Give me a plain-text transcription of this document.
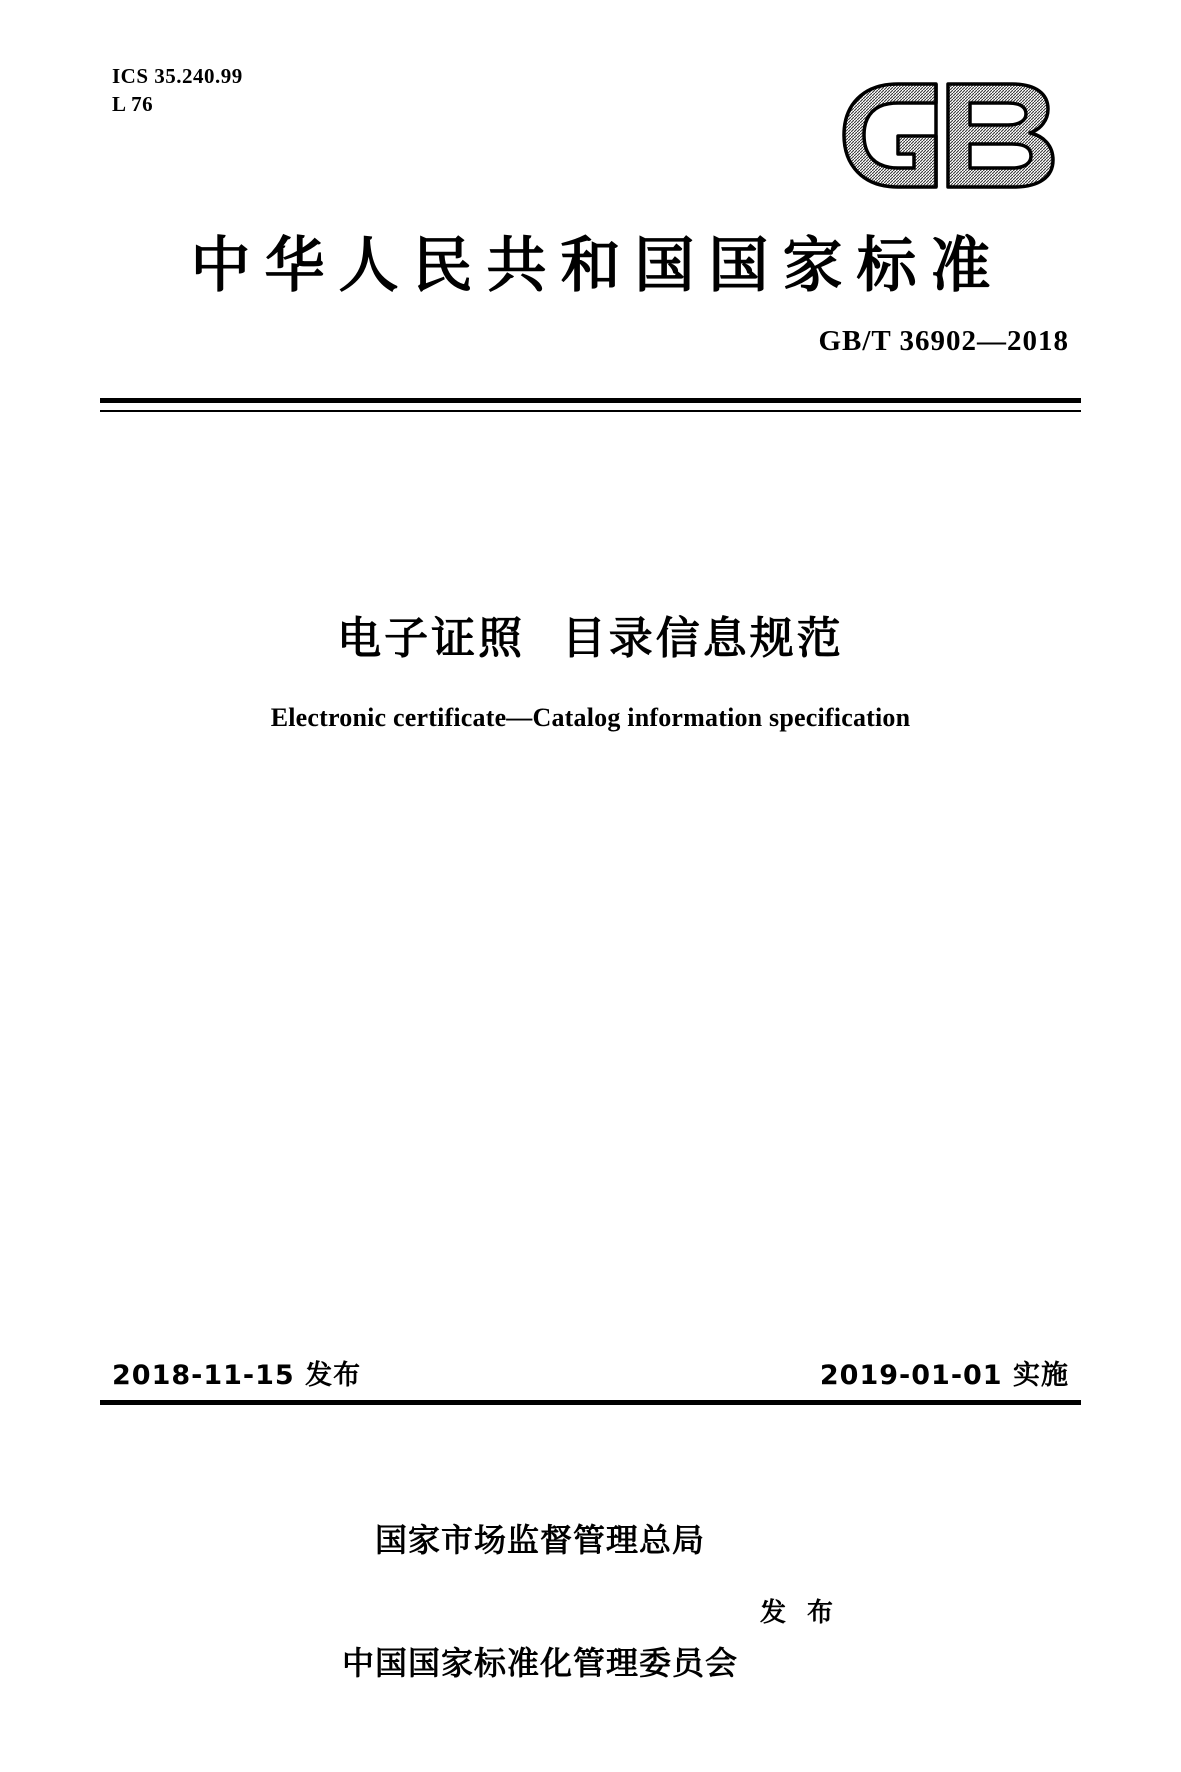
ICS 35.240.99
L 76
中华人民共和国国家标准
GB/T 36902—2018
电子证照  目录信息规范
Electronic certificate—Catalog information specification
2018-11-15 发布	2019-01-01 实施

国家市场监督管理总局

中国国家标准化管理委员会

发 布
